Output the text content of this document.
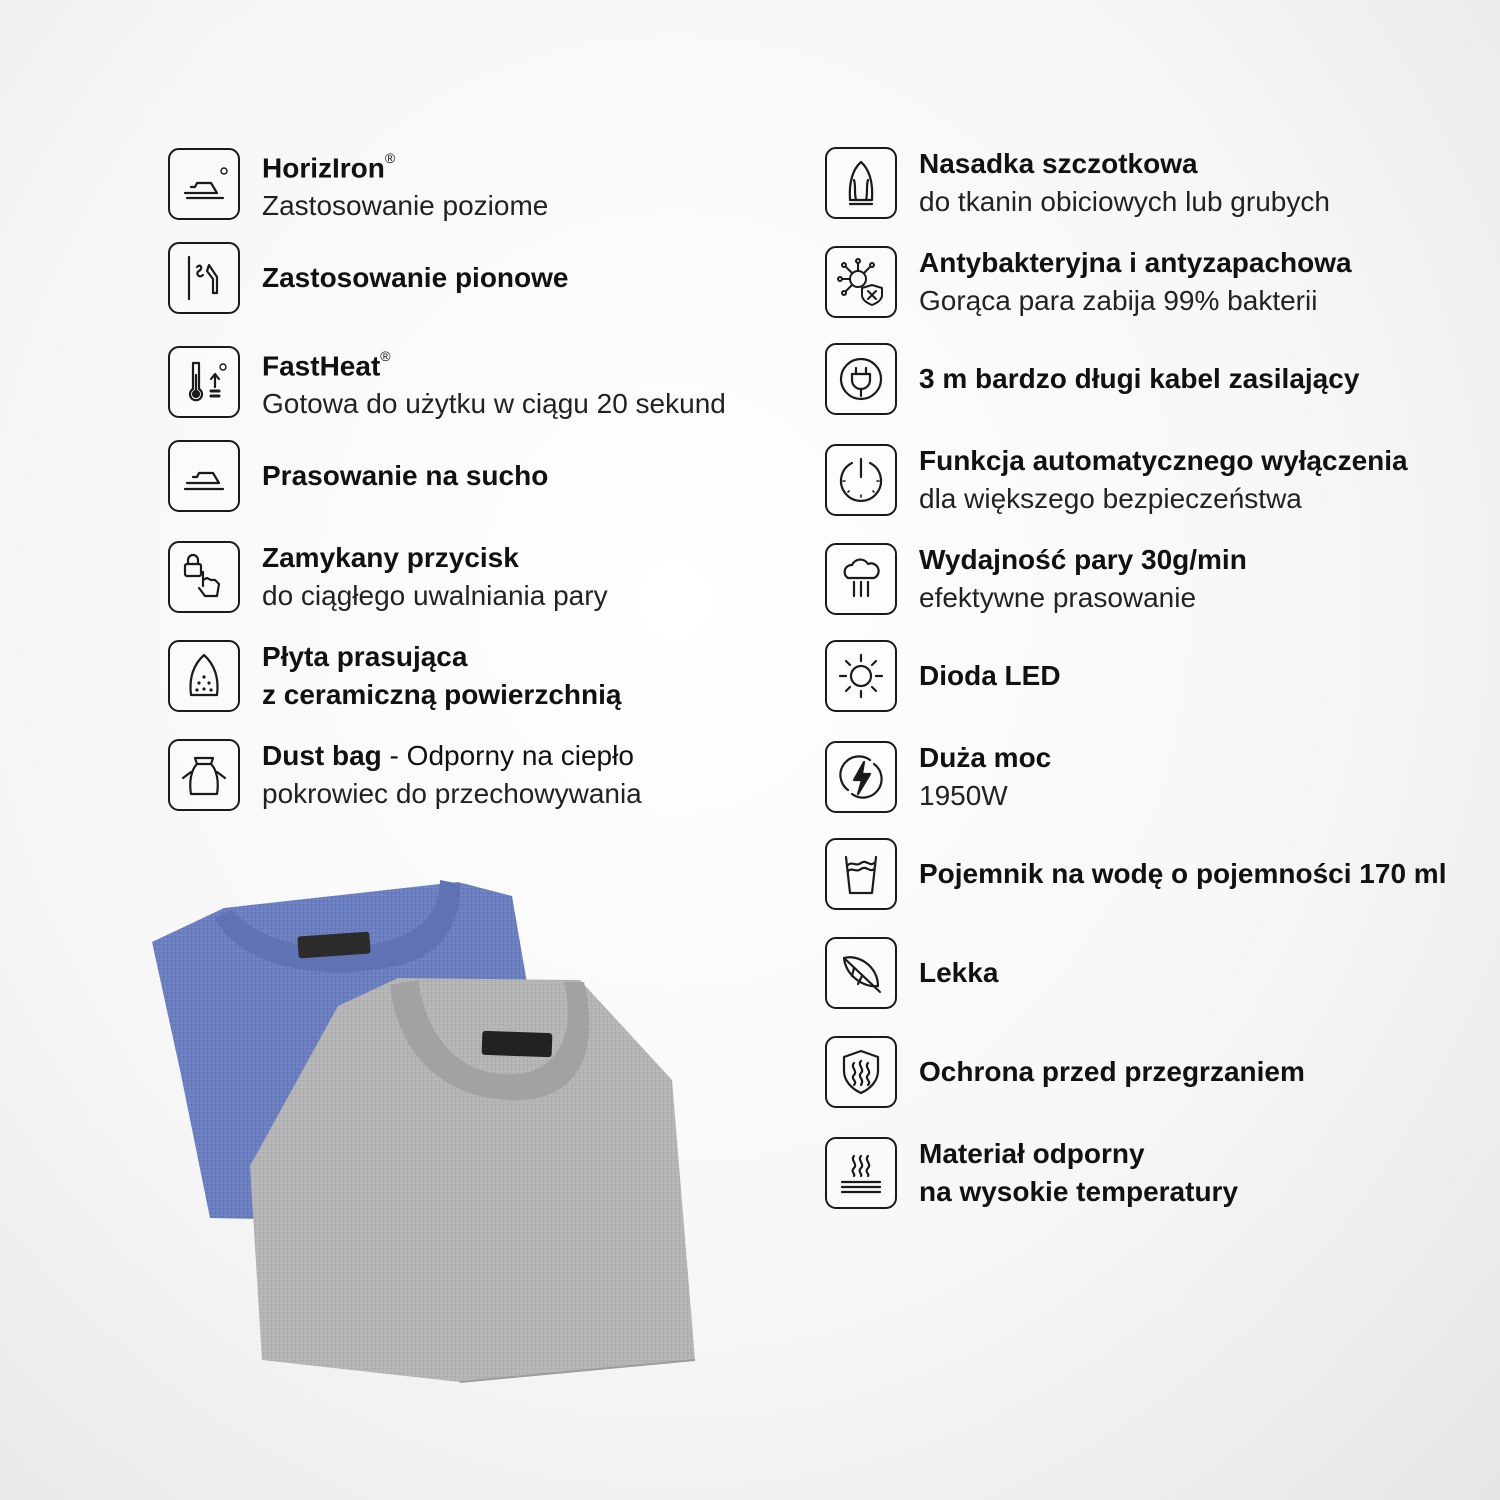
HorizIron®
Zastosowanie poziome
Zastosowanie pionowe
FastHeat®
Gotowa do użytku w ciągu 20 sekund
Prasowanie na sucho
Zamykany przycisk
do ciągłego uwalniania pary
Płyta prasująca
z ceramiczną powierzchnią
Dust bag - Odporny na ciepło
pokrowiec do przechowywania
Nasadka szczotkowa
do tkanin obiciowych lub grubych
Antybakteryjna i antyzapachowa
Gorąca para zabija 99% bakterii
3 m bardzo długi kabel zasilający
Funkcja automatycznego wyłączenia
dla większego bezpieczeństwa
Wydajność pary 30g/min
efektywne prasowanie
Dioda LED
Duża moc
1950W
Pojemnik na wodę o pojemności 170 ml
Lekka
Ochrona przed przegrzaniem
Materiał odporny
na wysokie temperatury
